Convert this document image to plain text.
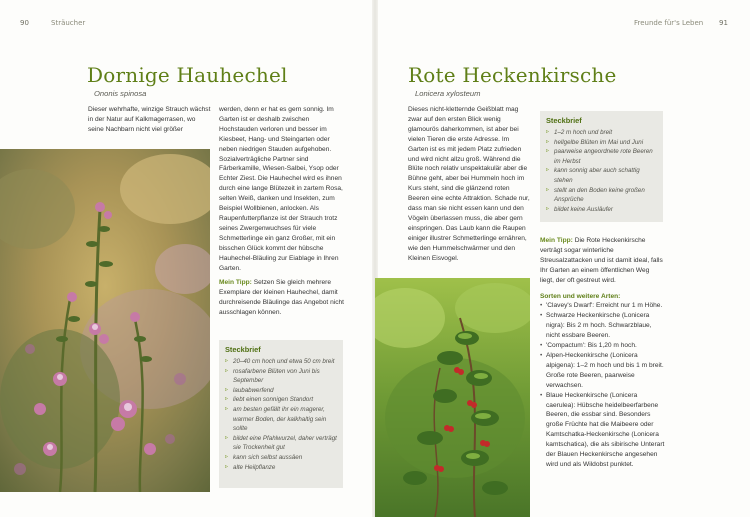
90	Sträucher	Freunde für's Leben 91
Dornige Hauhechel
Ononis spinosa

Dieser wehrhafte, winzige Strauch wächst in der Natur auf Kalkmagerrasen, wo seine Nachbarn nicht viel größer

werden, denn er hat es gern sonnig. Im Garten ist er deshalb zwischen Hochstauden verloren und besser im Kiesbeet, Hang- und Steingarten oder neben niedrigen Stauden aufgehoben. Sozialverträgliche Partner sind Färberkamille, Wiesen-Salbei, Ysop oder Echter Ziest. Die Hauhechel wird es ihnen durch eine lange Blütezeit in zartem Rosa, selten Weiß, danken und Insekten, zum Beispiel Wollbienen, anlocken. Als Raupenfutterpflanze ist der Strauch trotz seines Zwergenwuchses für viele Schmetterlinge ein ganz Großer, mit ein bisschen Glück kommt der hübsche Hauhechel-Bläuling zur Eiablage in Ihren Garten.

Mein Tipp: Setzen Sie gleich mehrere Exemplare der kleinen Hauhechel, damit durchreisende Bläulinge das Angebot nicht ausschlagen können.

Steckbrief
▹ 20–40 cm hoch und etwa 50 cm breit
▹ rosafarbene Blüten von Juni bis September
▹ laubabwerfend
▹ liebt einen sonnigen Standort
▹ am besten gefällt ihr ein magerer, warmer Boden, der kalkhaltig sein sollte
▹ bildet eine Pfahlwurzel, daher verträgt sie Trockenheit gut
▹ kann sich selbst aussäen
▹ alte Heilpflanze
Rote Heckenkirsche
Lonicera xylosteum

Dieses nicht-kletternde Geißblatt mag zwar auf den ersten Blick wenig glamourös daherkommen, ist aber bei vielen Tieren die erste Adresse. Im Garten ist es mit jedem Platz zufrieden und wird nicht allzu groß. Während die Blüte noch relativ unspektakulär aber die Bühne geht, aber bei Hummeln hoch im Kurs steht, sind die glänzend roten Beeren eine echte Attraktion. Schade nur, dass man sie nicht essen kann und den Vögeln überlassen muss, die aber gern einspringen. Das Laub kann die Raupen einiger illustrer Schmetterlinge ernähren, wie den Hummelschwärmer und den Kleinen Eisvogel.

Steckbrief
▹ 1–2 m hoch und breit
▹ hellgelbe Blüten im Mai und Juni
▹ paarweise angeordnete rote Beeren im Herbst
▹ kann sonnig aber auch schattig stehen
▹ stellt an den Boden keine großen Ansprüche
▹ bildet keine Ausläufer

Mein Tipp: Die Rote Heckenkirsche verträgt sogar winterliche Streusalzattacken und ist damit ideal, falls Ihr Garten an einem öffentlichen Weg liegt, der oft gestreut wird.

Sorten und weitere Arten:

• 'Clavey's Dwarf': Erreicht nur 1 m Höhe.
• Schwarze Heckenkirsche (Lonicera nigra): Bis 2 m hoch. Schwarzblaue, nicht essbare Beeren.
• 'Compactum': Bis 1,20 m hoch.
• Alpen-Heckenkirsche (Lonicera alpigena): 1–2 m hoch und bis 1 m breit. Große rote Beeren, paarweise verwachsen.
• Blaue Heckenkirsche (Lonicera caerulea): Hübsche heidelbeerfarbene Beeren, die essbar sind. Besonders große Früchte hat die Maibeere oder Kamtschatka-Heckenkirsche (Lonicera kamtschatica), die als sibirische Unterart der Blauen Heckenkirsche angesehen wird und als Wildobst punktet.
